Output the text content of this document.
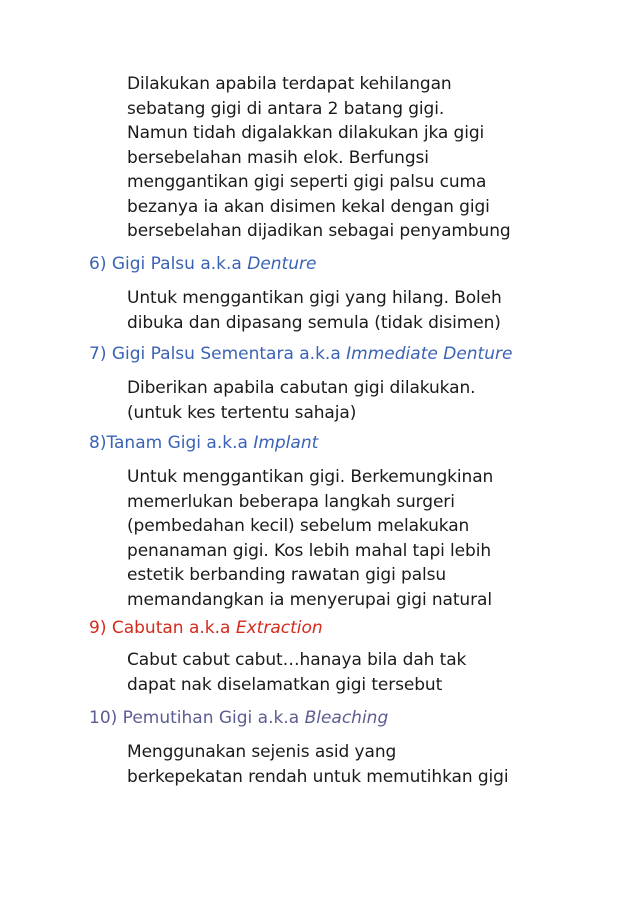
Dilakukan apabila terdapat kehilangan
sebatang gigi di antara 2 batang gigi.
Namun tidah digalakkan dilakukan jka gigi
bersebelahan masih elok. Berfungsi
menggantikan gigi seperti gigi palsu cuma
bezanya ia akan disimen kekal dengan gigi
bersebelahan dijadikan sebagai penyambung
6) Gigi Palsu a.k.a Denture
Untuk menggantikan gigi yang hilang. Boleh
dibuka dan dipasang semula (tidak disimen)
7) Gigi Palsu Sementara a.k.a Immediate Denture
Diberikan apabila cabutan gigi dilakukan.
(untuk kes tertentu sahaja)
8)Tanam Gigi a.k.a Implant
Untuk menggantikan gigi. Berkemungkinan
memerlukan beberapa langkah surgeri
(pembedahan kecil) sebelum melakukan
penanaman gigi. Kos lebih mahal tapi lebih
estetik berbanding rawatan gigi palsu
memandangkan ia menyerupai gigi natural
9) Cabutan a.k.a Extraction
Cabut cabut cabut…hanaya bila dah tak
dapat nak diselamatkan gigi tersebut
10) Pemutihan Gigi a.k.a Bleaching
Menggunakan sejenis asid yang
berkepekatan rendah untuk memutihkan gigi
